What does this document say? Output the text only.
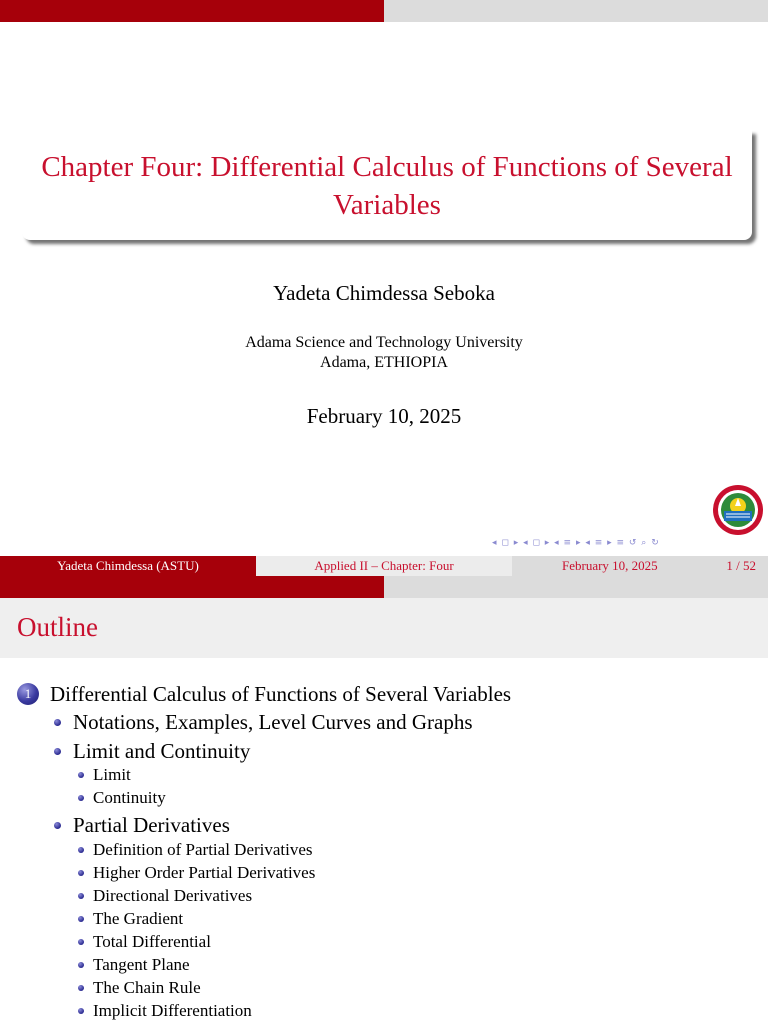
Chapter Four: Differential Calculus of Functions of Several Variables
Yadeta Chimdessa Seboka
Adama Science and Technology University
Adama, ETHIOPIA
February 10, 2025
◂ ◻ ▸ ◂ ◻ ▸ ◂ ≡ ▸ ◂ ≡ ▸ ≡ ↺ ⌕ ↻
Yadeta Chimdessa (ASTU)	Applied II – Chapter: Four	February 10, 2025	1 / 52
Outline
1 Differential Calculus of Functions of Several Variables
Notations, Examples, Level Curves and Graphs
Limit and Continuity
Limit
Continuity
Partial Derivatives
Definition of Partial Derivatives
Higher Order Partial Derivatives
Directional Derivatives
The Gradient
Total Differential
Tangent Plane
The Chain Rule
Implicit Differentiation
